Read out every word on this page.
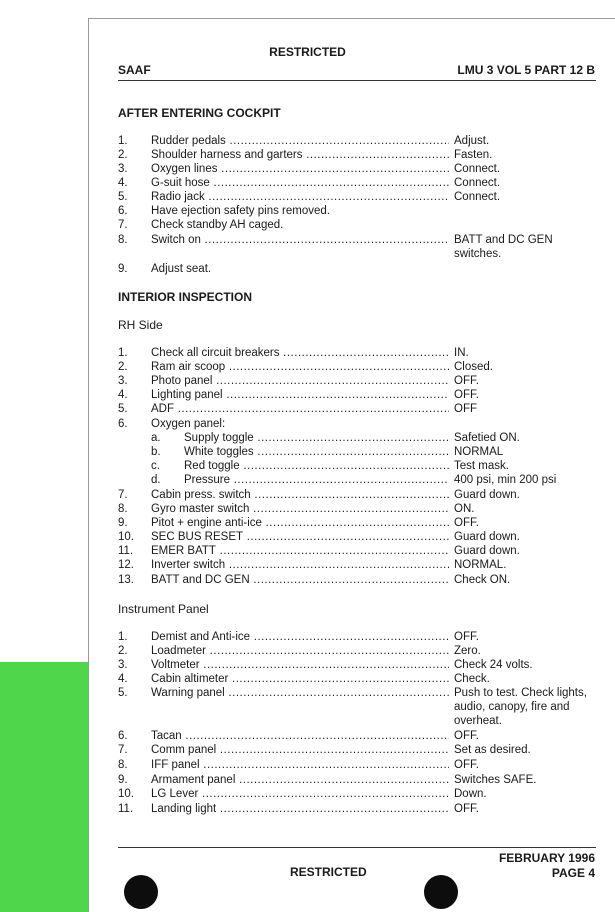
RESTRICTED
SAAF	LMU 3 VOL 5 PART 12 B
AFTER ENTERING COCKPIT
1. Rudder pedals .....	Adjust.
2. Shoulder harness and garters .....	Fasten.
3. Oxygen lines .....	Connect.
4. G-suit hose .....	Connect.
5. Radio jack .....	Connect.
6. Have ejection safety pins removed.
7. Check standby AH caged.
8. Switch on .....	BATT and DC GEN switches.
9. Adjust seat.
INTERIOR INSPECTION
RH Side
1. Check all circuit breakers .....	IN.
2. Ram air scoop .....	Closed.
3. Photo panel .....	OFF.
4. Lighting panel .....	OFF.
5. ADF .....	OFF
6. Oxygen panel:
a. Supply toggle .....	Safetied ON.
b. White toggles .....	NORMAL
c. Red toggle .....	Test mask.
d. Pressure .....	400 psi, min 200 psi
7. Cabin press. switch .....	Guard down.
8. Gyro master switch .....	ON.
9. Pitot + engine anti-ice .....	OFF.
10. SEC BUS RESET .....	Guard down.
11. EMER BATT .....	Guard down.
12. Inverter switch .....	NORMAL.
13. BATT and DC GEN .....	Check ON.
Instrument Panel
1. Demist and Anti-ice .....	OFF.
2. Loadmeter .....	Zero.
3. Voltmeter .....	Check 24 volts.
4. Cabin altimeter .....	Check.
5. Warning panel .....	Push to test. Check lights, audio, canopy, fire and overheat.
6. Tacan .....	OFF.
7. Comm panel .....	Set as desired.
8. IFF panel .....	OFF.
9. Armament panel .....	Switches SAFE.
10. LG Lever .....	Down.
11. Landing light .....	OFF.
FEBRUARY 1996
PAGE 4
RESTRICTED
